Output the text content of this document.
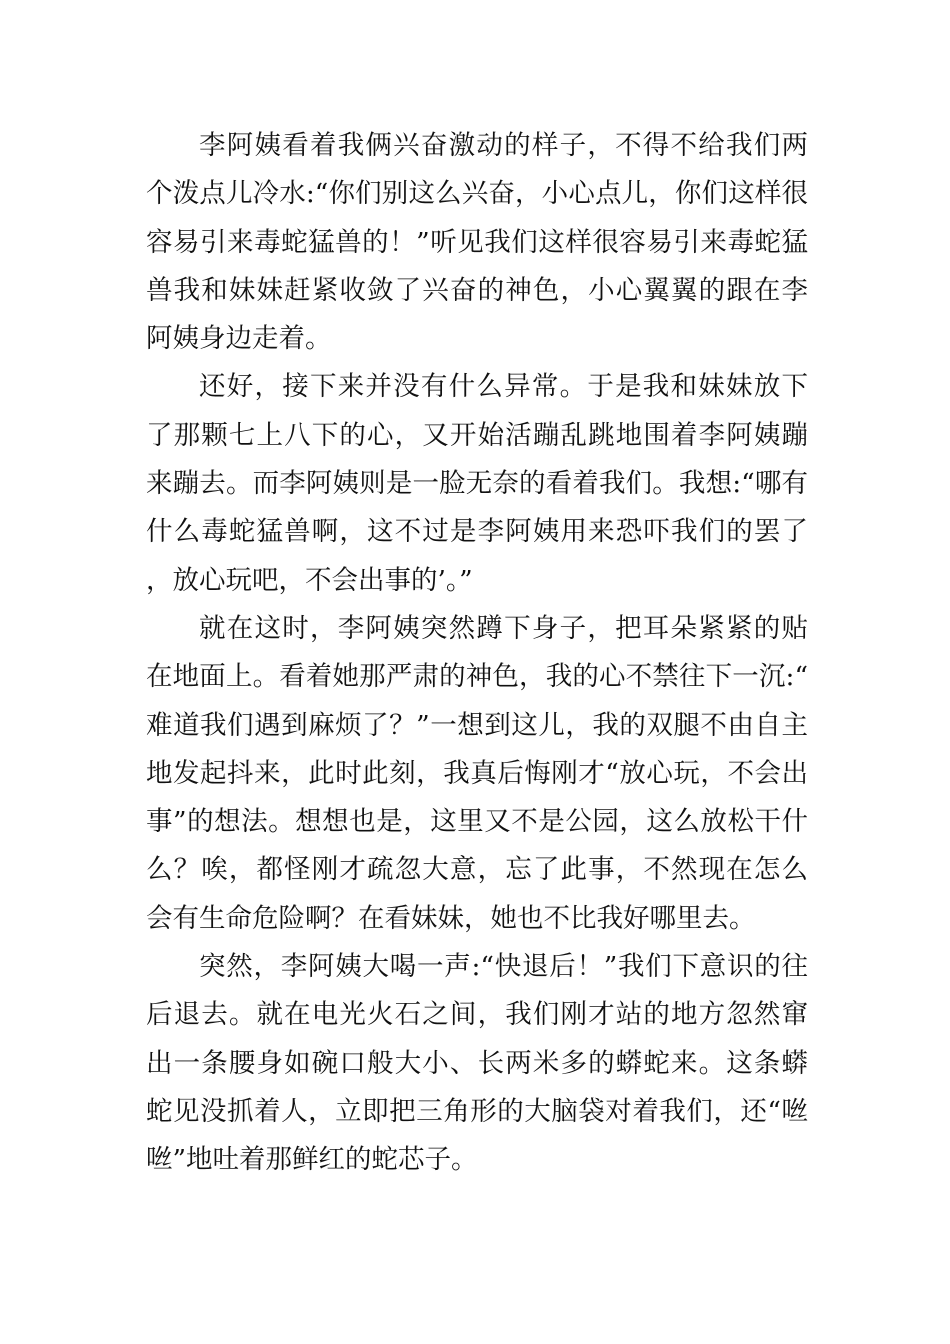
李阿姨看着我俩兴奋激动的样子，不得不给我们两个泼点儿冷水:“你们别这么兴奋，小心点儿，你们这样很容易引来毒蛇猛兽的！”听见我们这样很容易引来毒蛇猛兽我和妹妹赶紧收敛了兴奋的神色，小心翼翼的跟在李阿姨身边走着。

还好，接下来并没有什么异常。于是我和妹妹放下了那颗七上八下的心，又开始活蹦乱跳地围着李阿姨蹦来蹦去。而李阿姨则是一脸无奈的看着我们。我想:“哪有什么毒蛇猛兽啊，这不过是李阿姨用来恐吓我们的罢了，放心玩吧，不会出事的’。”

就在这时，李阿姨突然蹲下身子，把耳朵紧紧的贴在地面上。看着她那严肃的神色，我的心不禁往下一沉:“难道我们遇到麻烦了？”一想到这儿，我的双腿不由自主地发起抖来，此时此刻，我真后悔刚才“放心玩，不会出事”的想法。想想也是，这里又不是公园，这么放松干什么？唉，都怪刚才疏忽大意，忘了此事，不然现在怎么会有生命危险啊？在看妹妹，她也不比我好哪里去。

突然，李阿姨大喝一声:“快退后！”我们下意识的往后退去。就在电光火石之间，我们刚才站的地方忽然窜出一条腰身如碗口般大小、长两米多的蟒蛇来。这条蟒蛇见没抓着人，立即把三角形的大脑袋对着我们，还“咝咝”地吐着那鲜红的蛇芯子。
